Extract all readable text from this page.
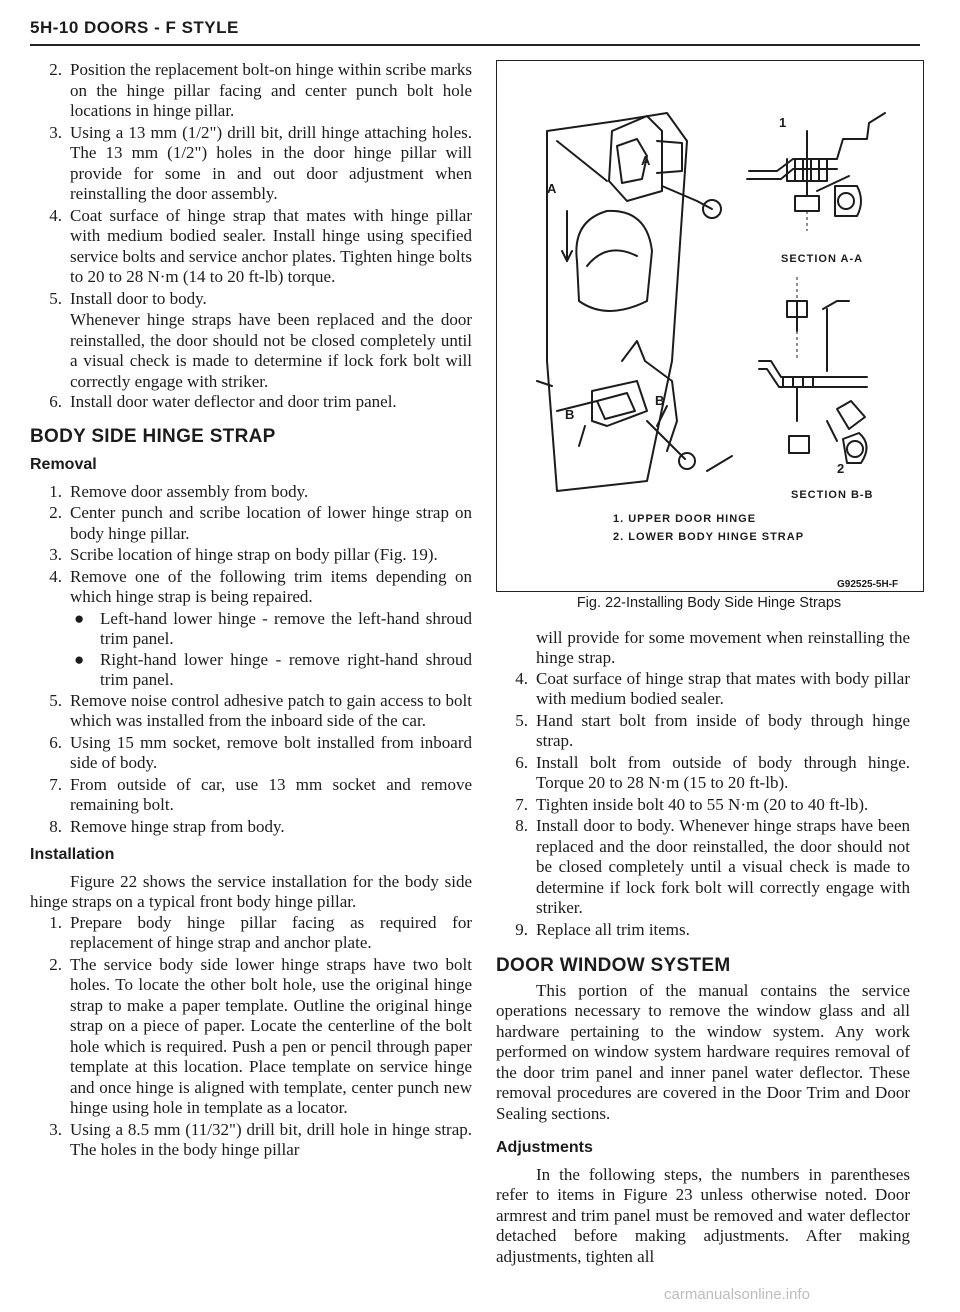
5H-10 DOORS - F STYLE
2. Position the replacement bolt-on hinge within scribe marks on the hinge pillar facing and center punch bolt hole locations in hinge pillar.
3. Using a 13 mm (1/2") drill bit, drill hinge attaching holes. The 13 mm (1/2") holes in the door hinge pillar will provide for some in and out door adjustment when reinstalling the door assembly.
4. Coat surface of hinge strap that mates with hinge pillar with medium bodied sealer. Install hinge using specified service bolts and service anchor plates. Tighten hinge bolts to 20 to 28 N·m (14 to 20 ft-lb) torque.
5. Install door to body.
Whenever hinge straps have been replaced and the door reinstalled, the door should not be closed completely until a visual check is made to determine if lock fork bolt will correctly engage with striker.
6. Install door water deflector and door trim panel.
BODY SIDE HINGE STRAP
Removal
1. Remove door assembly from body.
2. Center punch and scribe location of lower hinge strap on body hinge pillar.
3. Scribe location of hinge strap on body pillar (Fig. 19).
4. Remove one of the following trim items depending on which hinge strap is being repaired.
● Left-hand lower hinge - remove the left-hand shroud trim panel.
● Right-hand lower hinge - remove right-hand shroud trim panel.
5. Remove noise control adhesive patch to gain access to bolt which was installed from the inboard side of the car.
6. Using 15 mm socket, remove bolt installed from inboard side of body.
7. From outside of car, use 13 mm socket and remove remaining bolt.
8. Remove hinge strap from body.
Installation
Figure 22 shows the service installation for the body side hinge straps on a typical front body hinge pillar.
1. Prepare body hinge pillar facing as required for replacement of hinge strap and anchor plate.
2. The service body side lower hinge straps have two bolt holes. To locate the other bolt hole, use the original hinge strap to make a paper template. Outline the original hinge strap on a piece of paper. Locate the centerline of the bolt hole which is required. Push a pen or pencil through paper template at this location. Place template on service hinge and once hinge is aligned with template, center punch new hinge using hole in template as a locator.
3. Using a 8.5 mm (11/32") drill bit, drill hole in hinge strap. The holes in the body hinge pillar
A
A
B
B
1
2
SECTION A-A
SECTION B-B
1. UPPER DOOR HINGE
2. LOWER BODY HINGE STRAP
G92525-5H-F
Fig. 22-Installing Body Side Hinge Straps
will provide for some movement when reinstalling the hinge strap.
4. Coat surface of hinge strap that mates with body pillar with medium bodied sealer.
5. Hand start bolt from inside of body through hinge strap.
6. Install bolt from outside of body through hinge. Torque 20 to 28 N·m (15 to 20 ft-lb).
7. Tighten inside bolt 40 to 55 N·m (20 to 40 ft-lb).
8. Install door to body. Whenever hinge straps have been replaced and the door reinstalled, the door should not be closed completely until a visual check is made to determine if lock fork bolt will correctly engage with striker.
9. Replace all trim items.
DOOR WINDOW SYSTEM
This portion of the manual contains the service operations necessary to remove the window glass and all hardware pertaining to the window system. Any work performed on window system hardware requires removal of the door trim panel and inner panel water deflector. These removal procedures are covered in the Door Trim and Door Sealing sections.
Adjustments
In the following steps, the numbers in parentheses refer to items in Figure 23 unless otherwise noted. Door armrest and trim panel must be removed and water deflector detached before making adjustments. After making adjustments, tighten all
carmanualsonline.info
